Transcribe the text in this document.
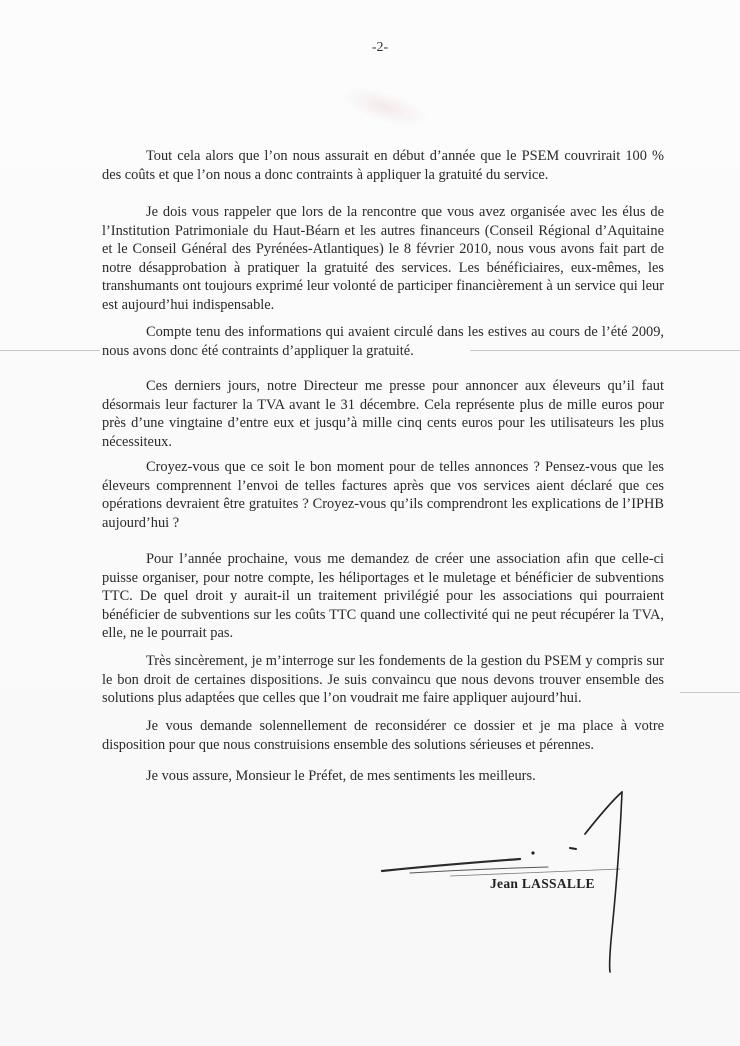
-2-

Tout cela alors que l’on nous assurait en début d’année que le PSEM couvrirait 100 % des coûts et que l’on nous a donc contraints à appliquer la gratuité du service.

Je dois vous rappeler que lors de la rencontre que vous avez organisée avec les élus de l’Institution Patrimoniale du Haut-Béarn et les autres financeurs (Conseil Régional d’Aquitaine et le Conseil Général des Pyrénées-Atlantiques) le 8 février 2010, nous vous avons fait part de notre désapprobation à pratiquer la gratuité des services. Les bénéficiaires, eux-mêmes, les transhumants ont toujours exprimé leur volonté de participer financièrement à un service qui leur est aujourd’hui indispensable.

Compte tenu des informations qui avaient circulé dans les estives au cours de l’été 2009, nous avons donc été contraints d’appliquer la gratuité.

Ces derniers jours, notre Directeur me presse pour annoncer aux éleveurs qu’il faut désormais leur facturer la TVA avant le 31 décembre. Cela représente plus de mille euros pour près d’une vingtaine d’entre eux et jusqu’à mille cinq cents euros pour les utilisateurs les plus nécessiteux.

Croyez-vous que ce soit le bon moment pour de telles annonces ? Pensez-vous que les éleveurs comprennent l’envoi de telles factures après que vos services aient déclaré que ces opérations devraient être gratuites ? Croyez-vous qu’ils comprendront les explications de l’IPHB aujourd’hui ?

Pour l’année prochaine, vous me demandez de créer une association afin que celle-ci puisse organiser, pour notre compte, les héliportages et le muletage et bénéficier de subventions TTC. De quel droit y aurait-il un traitement privilégié pour les associations qui pourraient bénéficier de subventions sur les coûts TTC quand une collectivité qui ne peut récupérer la TVA, elle, ne le pourrait pas.

Très sincèrement, je m’interroge sur les fondements de la gestion du PSEM y compris sur le bon droit de certaines dispositions. Je suis convaincu que nous devons trouver ensemble des solutions plus adaptées que celles que l’on voudrait me faire appliquer aujourd’hui.

Je vous demande solennellement de reconsidérer ce dossier et je ma place à votre disposition pour que nous construisions ensemble des solutions sérieuses et pérennes.

Je vous assure, Monsieur le Préfet, de mes sentiments les meilleurs.

Jean LASSALLE
